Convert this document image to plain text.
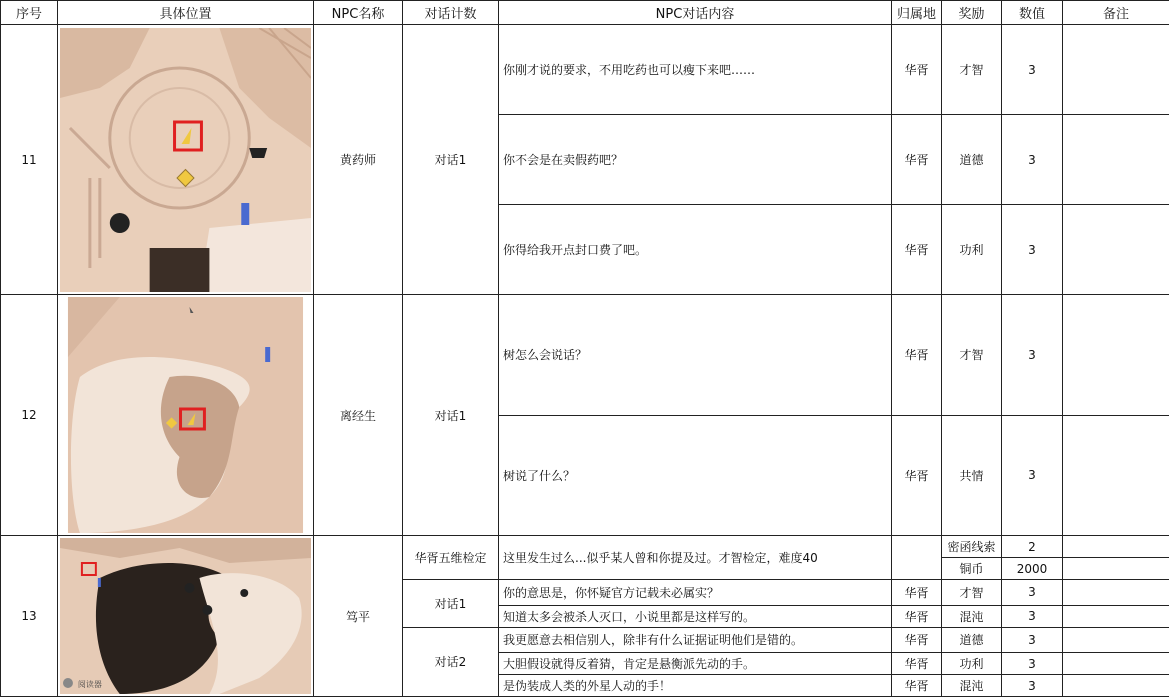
序号	具体位置	NPC名称	对话计数	NPC对话内容	归属地	奖励	数值	备注
11		黄药师	对话1	你刚才说的要求，不用吃药也可以瘦下来吧……	华胥	才智	3	
				你不会是在卖假药吧？	华胥	道德	3	
				你得给我开点封口费了吧。	华胥	功利	3	
12		离经生	对话1	树怎么会说话？	华胥	才智	3	
				树说了什么？	华胥	共情	3	
13	阅读器	笃平	华胥五维检定	这里发生过么...似乎某人曾和你提及过。才智检定，难度40		密函线索	2	
						铜币	2000	
			对话1	你的意思是，你怀疑官方记载未必属实？	华胥	才智	3	
				知道太多会被杀人灭口，小说里都是这样写的。	华胥	混沌	3	
			对话2	我更愿意去相信别人，除非有什么证据证明他们是错的。	华胥	道德	3	
				大胆假设就得反着猜，肯定是悬衡派先动的手。	华胥	功利	3	
				是伪装成人类的外星人动的手！	华胥	混沌	3	
